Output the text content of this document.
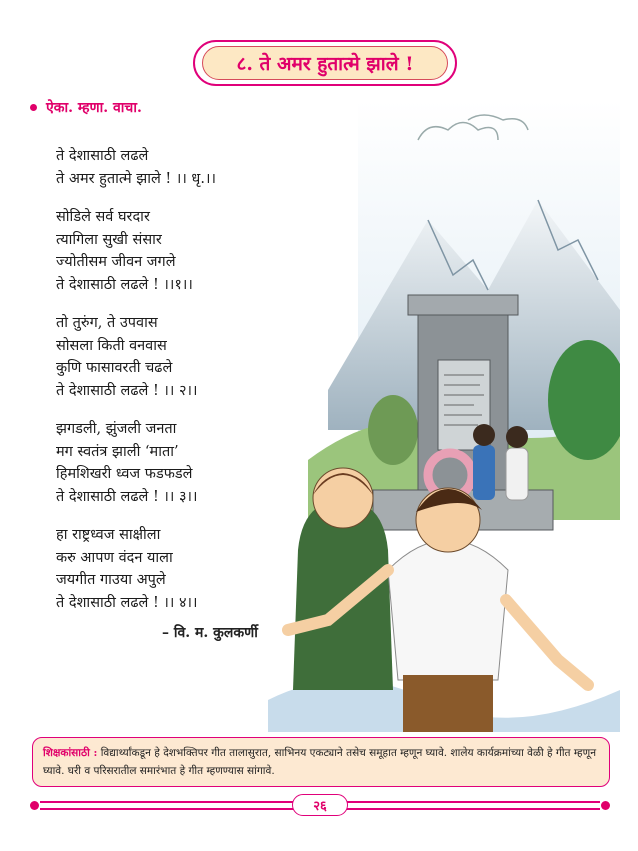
८. ते अमर हुतात्मे झाले !
ऐका. म्हणा. वाचा.
ते देशासाठी लढले
ते अमर हुतात्मे झाले ! ।। धृ.।।
सोडिले सर्व घरदार
त्यागिला सुखी संसार
ज्योतीसम जीवन जगले
ते देशासाठी लढले ! ।।१।।
तो तुरुंग, ते उपवास
सोसला किती वनवास
कुणि फासावरती चढले
ते देशासाठी लढले ! ।। २।।
झगडली, झुंजली जनता
मग स्वतंत्र झाली ‘माता’
हिमशिखरी ध्वज फडफडले
ते देशासाठी लढले ! ।। ३।।
हा राष्ट्रध्वज साक्षीला
करु आपण वंदन याला
जयगीत गाउया अपुले
ते देशासाठी लढले ! ।। ४।।
– वि. म. कुलकर्णी
शिक्षकांसाठी : विद्यार्थ्यांकडून हे देशभक्तिपर गीत तालासुरात, साभिनय एकट्याने तसेच समूहात म्हणून घ्यावे. शालेय कार्यक्रमांच्या वेळी हे गीत म्हणून घ्यावे. घरी व परिसरातील समारंभात हे गीत म्हणण्यास सांगावे.
२६
